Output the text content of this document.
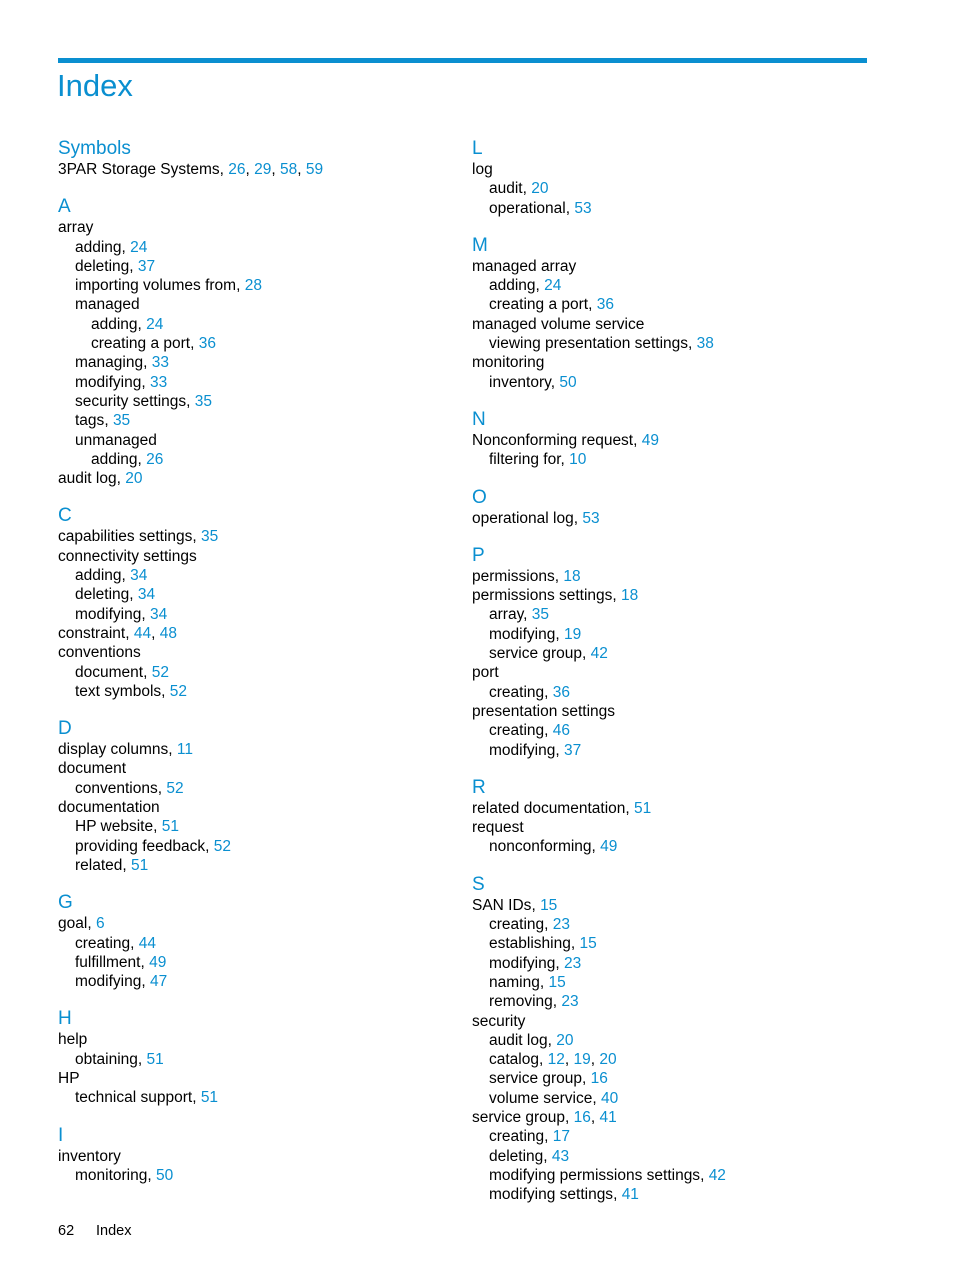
Index
Symbols
3PAR Storage Systems, 26, 29, 58, 59
A
array
adding, 24
deleting, 37
importing volumes from, 28
managed
adding, 24
creating a port, 36
managing, 33
modifying, 33
security settings, 35
tags, 35
unmanaged
adding, 26
audit log, 20
C
capabilities settings, 35
connectivity settings
adding, 34
deleting, 34
modifying, 34
constraint, 44, 48
conventions
document, 52
text symbols, 52
D
display columns, 11
document
conventions, 52
documentation
HP website, 51
providing feedback, 52
related, 51
G
goal, 6
creating, 44
fulfillment, 49
modifying, 47
H
help
obtaining, 51
HP
technical support, 51
I
inventory
monitoring, 50
L
log
audit, 20
operational, 53
M
managed array
adding, 24
creating a port, 36
managed volume service
viewing presentation settings, 38
monitoring
inventory, 50
N
Nonconforming request, 49
filtering for, 10
O
operational log, 53
P
permissions, 18
permissions settings, 18
array, 35
modifying, 19
service group, 42
port
creating, 36
presentation settings
creating, 46
modifying, 37
R
related documentation, 51
request
nonconforming, 49
S
SAN IDs, 15
creating, 23
establishing, 15
modifying, 23
naming, 15
removing, 23
security
audit log, 20
catalog, 12, 19, 20
service group, 16
volume service, 40
service group, 16, 41
creating, 17
deleting, 43
modifying permissions settings, 42
modifying settings, 41
62 Index
